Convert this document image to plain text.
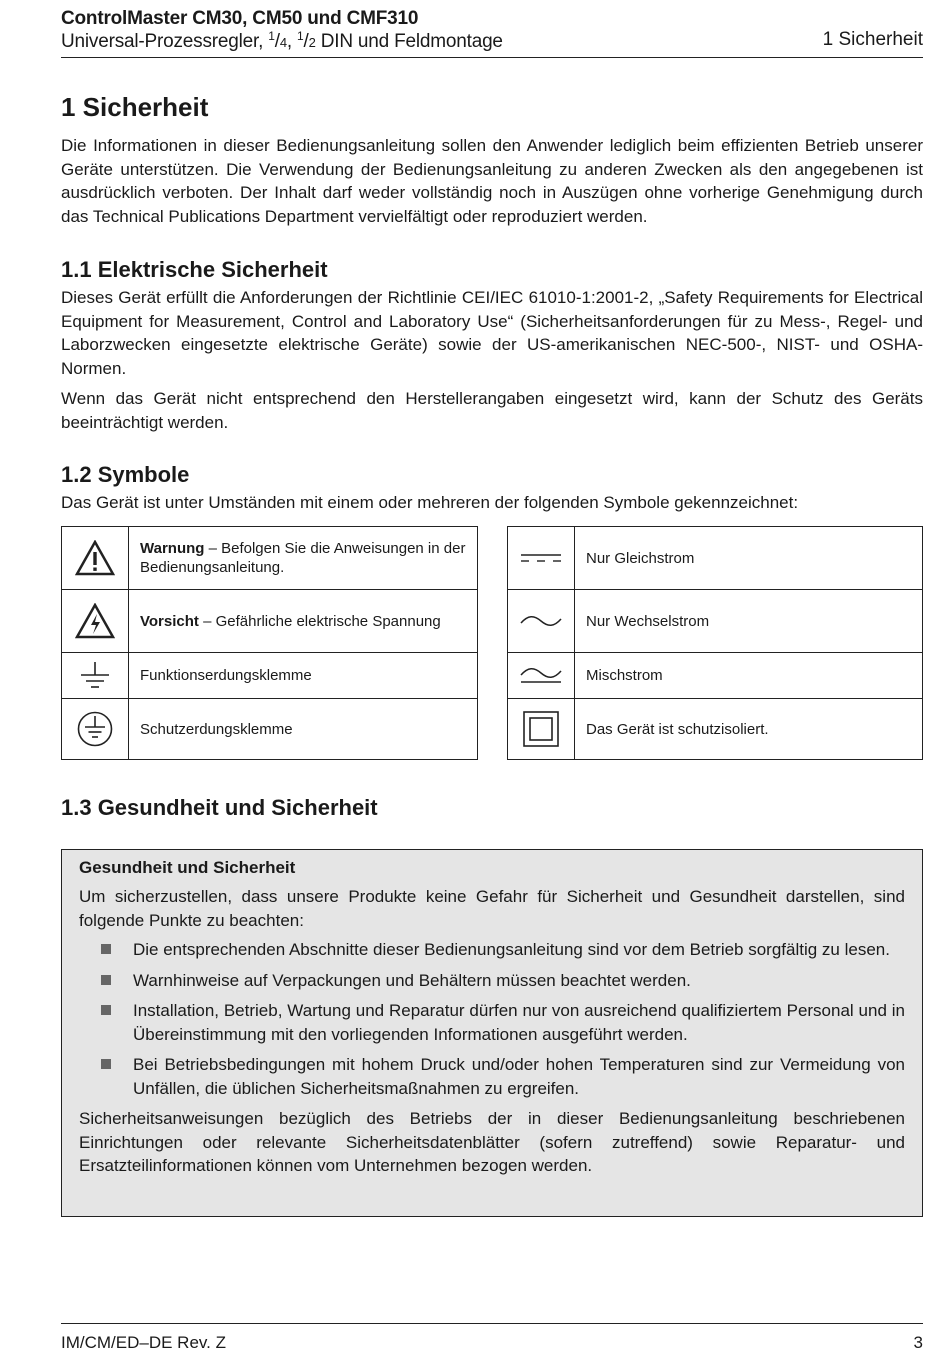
ControlMaster CM30, CM50 und CMF310
Universal-Prozessregler, $^1$/4, $^1$/2 DIN und Feldmontage	1 Sicherheit
1 Sicherheit

Die Informationen in dieser Bedienungsanleitung sollen den Anwender lediglich beim effizienten Betrieb unserer Geräte unterstützen. Die Verwendung der Bedienungsanleitung zu anderen Zwecken als den angegebenen ist ausdrücklich verboten. Der Inhalt darf weder vollständig noch in Auszügen ohne vorherige Genehmigung durch das Technical Publications Department vervielfältigt oder reproduziert werden.

1.1 Elektrische Sicherheit

Dieses Gerät erfüllt die Anforderungen der Richtlinie CEI/IEC 61010-1:2001-2, „Safety Requirements for Electrical Equipment for Measurement, Control and Laboratory Use“ (Sicherheitsanforderungen für zu Mess-, Regel- und Laborzwecken eingesetzte elektrische Geräte) sowie der US-amerikanischen NEC-500-, NIST- und OSHA-Normen.

Wenn das Gerät nicht entsprechend den Herstellerangaben eingesetzt wird, kann der Schutz des Geräts beeinträchtigt werden.

1.2 Symbole

Das Gerät ist unter Umständen mit einem oder mehreren der folgenden Symbole gekennzeichnet:

	Warnung – Befolgen Sie die Anweisungen in der Bedienungsanleitung.

	Vorsicht – Gefährliche elektrische Spannung

	Funktionserdungsklemme

	Schutzerdungsklemme
	Nur Gleichstrom

	Nur Wechselstrom

	Mischstrom

	Das Gerät ist schutzisoliert.
1.3 Gesundheit und Sicherheit

Gesundheit und Sicherheit

Um sicherzustellen, dass unsere Produkte keine Gefahr für Sicherheit und Gesundheit darstellen, sind folgende Punkte zu beachten:

Die entsprechenden Abschnitte dieser Bedienungsanleitung sind vor dem Betrieb sorgfältig zu lesen.
Warnhinweise auf Verpackungen und Behältern müssen beachtet werden.
Installation, Betrieb, Wartung und Reparatur dürfen nur von ausreichend qualifiziertem Personal und in Übereinstimmung mit den vorliegenden Informationen ausgeführt werden.
Bei Betriebsbedingungen mit hohem Druck und/oder hohen Temperaturen sind zur Vermeidung von Unfällen, die üblichen Sicherheitsmaßnahmen zu ergreifen.

Sicherheitsanweisungen bezüglich des Betriebs der in dieser Bedienungsanleitung beschriebenen Einrichtungen oder relevante Sicherheitsdatenblätter (sofern zutreffend) sowie Reparatur- und Ersatzteilinformationen können vom Unternehmen bezogen werden.

IM/CM/ED–DE Rev. Z	3
